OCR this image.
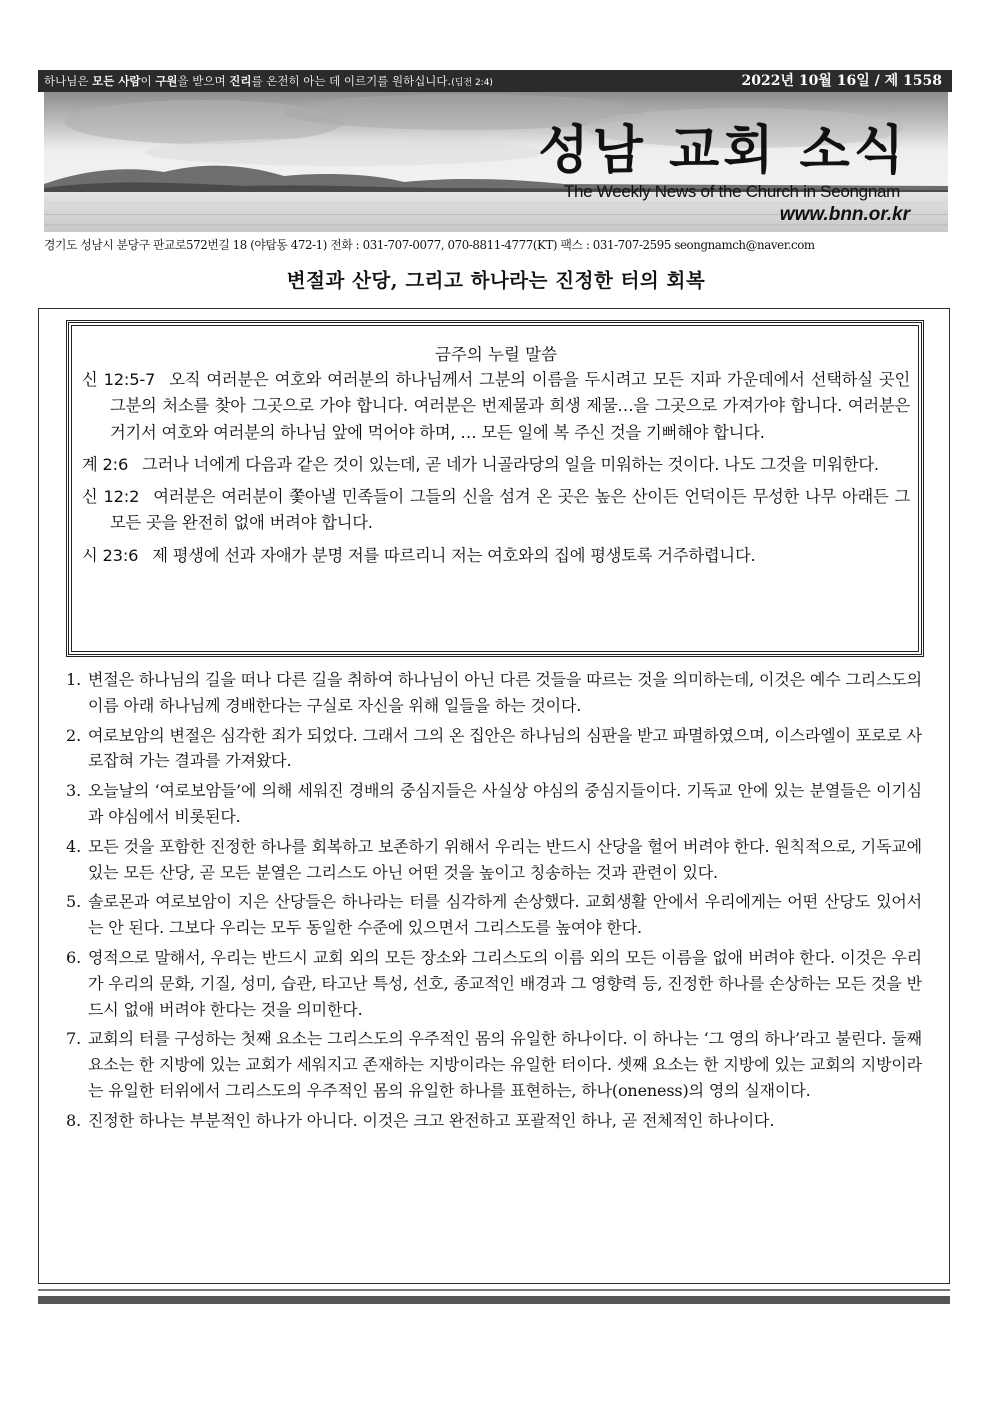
하나님은 모든 사람이 구원을 받으며 진리를 온전히 아는 데 이르기를 원하십니다.(딤전 2:4)	2022년 10월 16일 / 제 1558
성남 교회 소식
The Weekly News of the Church in Seongnam
www.bnn.or.kr
경기도 성남시 분당구 판교로572번길 18 (야탑동 472-1) 전화 : 031-707-0077, 070-8811-4777(KT) 팩스 : 031-707-2595 seongnamch@naver.com
변절과 산당, 그리고 하나라는 진정한 터의 회복
금주의 누릴 말씀
신 12:5-7 오직 여러분은 여호와 여러분의 하나님께서 그분의 이름을 두시려고 모든 지파 가운데에서 선택하실 곳인 그분의 처소를 찾아 그곳으로 가야 합니다. 여러분은 번제물과 희생 제물…을 그곳으로 가져가야 합니다. 여러분은 거기서 여호와 여러분의 하나님 앞에 먹어야 하며, … 모든 일에 복 주신 것을 기뻐해야 합니다.
계 2:6 그러나 너에게 다음과 같은 것이 있는데, 곧 네가 니골라당의 일을 미워하는 것이다. 나도 그것을 미워한다.
신 12:2 여러분은 여러분이 쫓아낼 민족들이 그들의 신을 섬겨 온 곳은 높은 산이든 언덕이든 무성한 나무 아래든 그 모든 곳을 완전히 없애 버려야 합니다.
시 23:6 제 평생에 선과 자애가 분명 저를 따르리니 저는 여호와의 집에 평생토록 거주하렵니다.
1. 변절은 하나님의 길을 떠나 다른 길을 취하여 하나님이 아닌 다른 것들을 따르는 것을 의미하는데, 이것은 예수 그리스도의 이름 아래 하나님께 경배한다는 구실로 자신을 위해 일들을 하는 것이다.
2. 여로보암의 변절은 심각한 죄가 되었다. 그래서 그의 온 집안은 하나님의 심판을 받고 파멸하였으며, 이스라엘이 포로로 사로잡혀 가는 결과를 가져왔다.
3. 오늘날의 ‘여로보암들’에 의해 세워진 경배의 중심지들은 사실상 야심의 중심지들이다. 기독교 안에 있는 분열들은 이기심과 야심에서 비롯된다.
4. 모든 것을 포함한 진정한 하나를 회복하고 보존하기 위해서 우리는 반드시 산당을 헐어 버려야 한다. 원칙적으로, 기독교에 있는 모든 산당, 곧 모든 분열은 그리스도 아닌 어떤 것을 높이고 칭송하는 것과 관련이 있다.
5. 솔로몬과 여로보암이 지은 산당들은 하나라는 터를 심각하게 손상했다. 교회생활 안에서 우리에게는 어떤 산당도 있어서는 안 된다. 그보다 우리는 모두 동일한 수준에 있으면서 그리스도를 높여야 한다.
6. 영적으로 말해서, 우리는 반드시 교회 외의 모든 장소와 그리스도의 이름 외의 모든 이름을 없애 버려야 한다. 이것은 우리가 우리의 문화, 기질, 성미, 습관, 타고난 특성, 선호, 종교적인 배경과 그 영향력 등, 진정한 하나를 손상하는 모든 것을 반드시 없애 버려야 한다는 것을 의미한다.
7. 교회의 터를 구성하는 첫째 요소는 그리스도의 우주적인 몸의 유일한 하나이다. 이 하나는 ‘그 영의 하나’라고 불린다. 둘째 요소는 한 지방에 있는 교회가 세워지고 존재하는 지방이라는 유일한 터이다. 셋째 요소는 한 지방에 있는 교회의 지방이라는 유일한 터위에서 그리스도의 우주적인 몸의 유일한 하나를 표현하는, 하나(oneness)의 영의 실재이다.
8. 진정한 하나는 부분적인 하나가 아니다. 이것은 크고 완전하고 포괄적인 하나, 곧 전체적인 하나이다.
